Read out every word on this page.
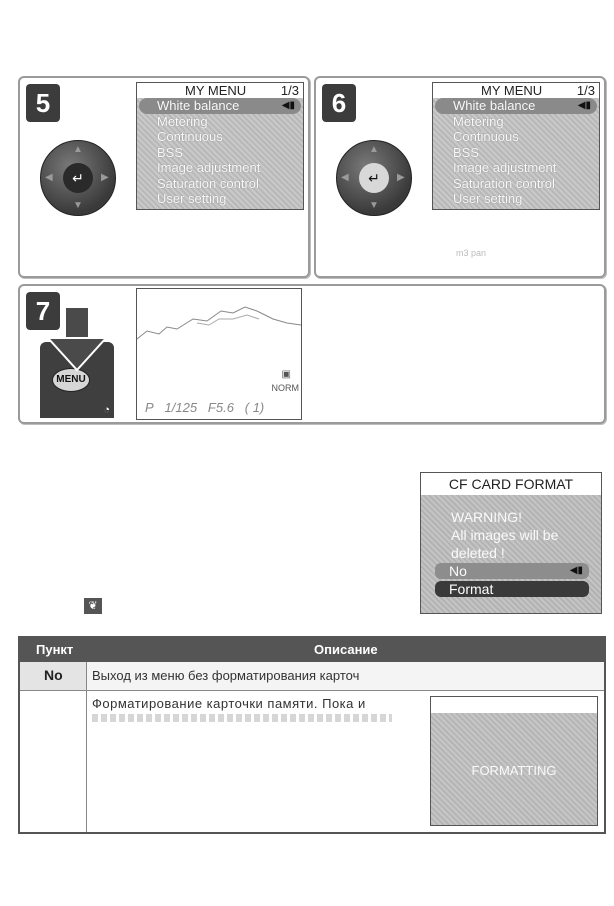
5
▲
▼
◀	▶
↵
MY MENU	1/3
White balance	◀▮
Metering
Continuous
BSS
Image adjustment
Saturation control
User setting
6
▲
▼
◀	▶
↵
MY MENU	1/3
White balance	◀▮
Metering
Continuous
BSS
Image adjustment
Saturation control
User setting
m3 pan
7
MENU
◔
▣
NORM
P 1/125 F5.6 ( 1)
CF CARD FORMAT
WARNING!
All images will be
deleted !
No	◀▮
Format
❦
Пункт	Описание
No Выход из меню без форматирования карточ
Форматирование карточки памяти. Пока и
FORMATTING
